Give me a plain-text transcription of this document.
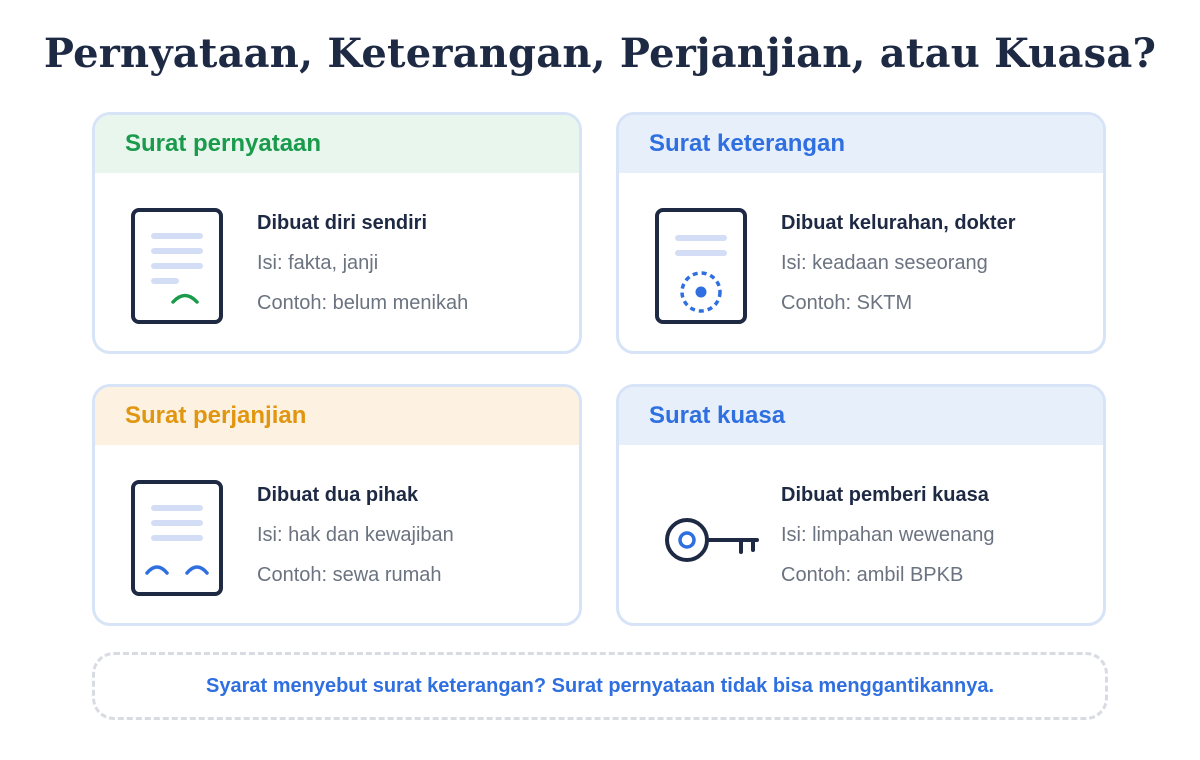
Pernyataan, Keterangan, Perjanjian, atau Kuasa?
Surat pernyataan
Dibuat diri sendiri
Isi: fakta, janji
Contoh: belum menikah
Surat keterangan
Dibuat kelurahan, dokter
Isi: keadaan seseorang
Contoh: SKTM
Surat perjanjian
Dibuat dua pihak
Isi: hak dan kewajiban
Contoh: sewa rumah
Surat kuasa
Dibuat pemberi kuasa
Isi: limpahan wewenang
Contoh: ambil BPKB
Syarat menyebut surat keterangan? Surat pernyataan tidak bisa menggantikannya.
